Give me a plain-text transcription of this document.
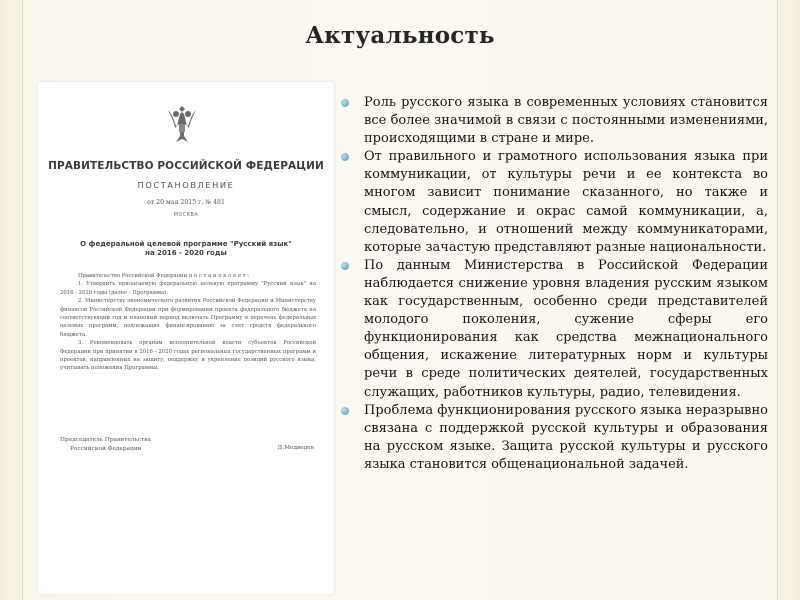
Актуальность
ПРАВИТЕЛЬСТВО РОССИЙСКОЙ ФЕДЕРАЦИИ
ПОСТАНОВЛЕНИЕ
от 20 мая 2015 г. № 481
МОСКВА
О федеральной целевой программе "Русский язык"
на 2016 - 2020 годы

Правительство Российской Федерации п о с т а н о в л я е т :

1. Утвердить прилагаемую федеральную целевую программу "Русский язык" на 2016 - 2020 годы (далее - Программа).

2. Министерству экономического развития Российской Федерации и Министерству финансов Российской Федерации при формировании проекта федерального бюджета на соответствующий год и плановый период включать Программу в перечень федеральных целевых программ, подлежащих финансированию за счет средств федерального бюджета.

3. Рекомендовать органам исполнительной власти субъектов Российской Федерации при принятии в 2016 - 2020 годах региональных государственных программ и проектов, направленных на защиту, поддержку и укрепление позиций русского языка, учитывать положения Программы.

Председатель Правительства
Российской Федерации	Д.Медведев
Роль русского языка в современных условиях становится все более значимой в связи с постоянными изменениями, происходящими в стране и мире.
От правильного и грамотного использования языка при коммуникации, от культуры речи и ее контекста во многом зависит понимание сказанного, но также и смысл, содержание и окрас самой коммуникации, а, следовательно, и отношений между коммуникаторами, которые зачастую представляют разные национальности.
По данным Министерства в Российской Федерации наблюдается снижение уровня владения русским языком как государственным, особенно среди представителей молодого поколения, сужение сферы его функционирования как средства межнационального общения, искажение литературных норм и культуры речи в среде политических деятелей, государственных служащих, работников культуры, радио, телевидения.
Проблема функционирования русского языка неразрывно связана с поддержкой русской культуры и образования на русском языке. Защита русской культуры и русского языка становится общенациональной задачей.
